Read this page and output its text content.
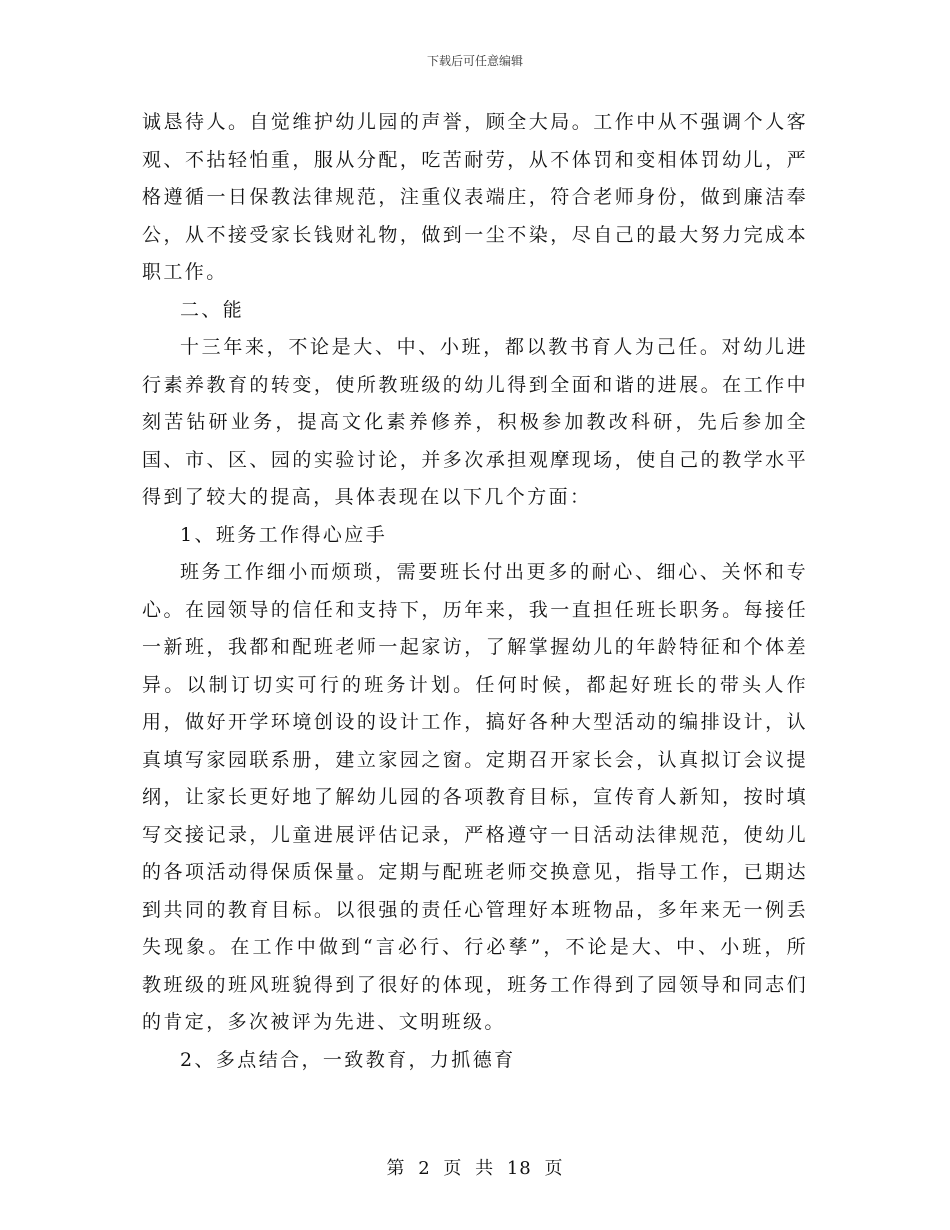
下载后可任意编辑

诚恳待人。自觉维护幼儿园的声誉，顾全大局。工作中从不强调个人客观、不拈轻怕重，服从分配，吃苦耐劳，从不体罚和变相体罚幼儿，严格遵循一日保教法律规范，注重仪表端庄，符合老师身份，做到廉洁奉公，从不接受家长钱财礼物，做到一尘不染，尽自己的最大努力完成本职工作。

二、能

十三年来，不论是大、中、小班，都以教书育人为己任。对幼儿进行素养教育的转变，使所教班级的幼儿得到全面和谐的进展。在工作中刻苦钻研业务，提高文化素养修养，积极参加教改科研，先后参加全国、市、区、园的实验讨论，并多次承担观摩现场，使自己的教学水平得到了较大的提高，具体表现在以下几个方面：

1、班务工作得心应手

班务工作细小而烦琐，需要班长付出更多的耐心、细心、关怀和专心。在园领导的信任和支持下，历年来，我一直担任班长职务。每接任一新班，我都和配班老师一起家访，了解掌握幼儿的年龄特征和个体差异。以制订切实可行的班务计划。任何时候，都起好班长的带头人作用，做好开学环境创设的设计工作，搞好各种大型活动的编排设计，认真填写家园联系册，建立家园之窗。定期召开家长会，认真拟订会议提纲，让家长更好地了解幼儿园的各项教育目标，宣传育人新知，按时填写交接记录，儿童进展评估记录，严格遵守一日活动法律规范，使幼儿的各项活动得保质保量。定期与配班老师交换意见，指导工作，已期达到共同的教育目标。以很强的责任心管理好本班物品，多年来无一例丢失现象。在工作中做到“言必行、行必孳”，不论是大、中、小班，所教班级的班风班貌得到了很好的体现，班务工作得到了园领导和同志们的肯定，多次被评为先进、文明班级。

2、多点结合，一致教育，力抓德育

第 2 页 共 18 页
